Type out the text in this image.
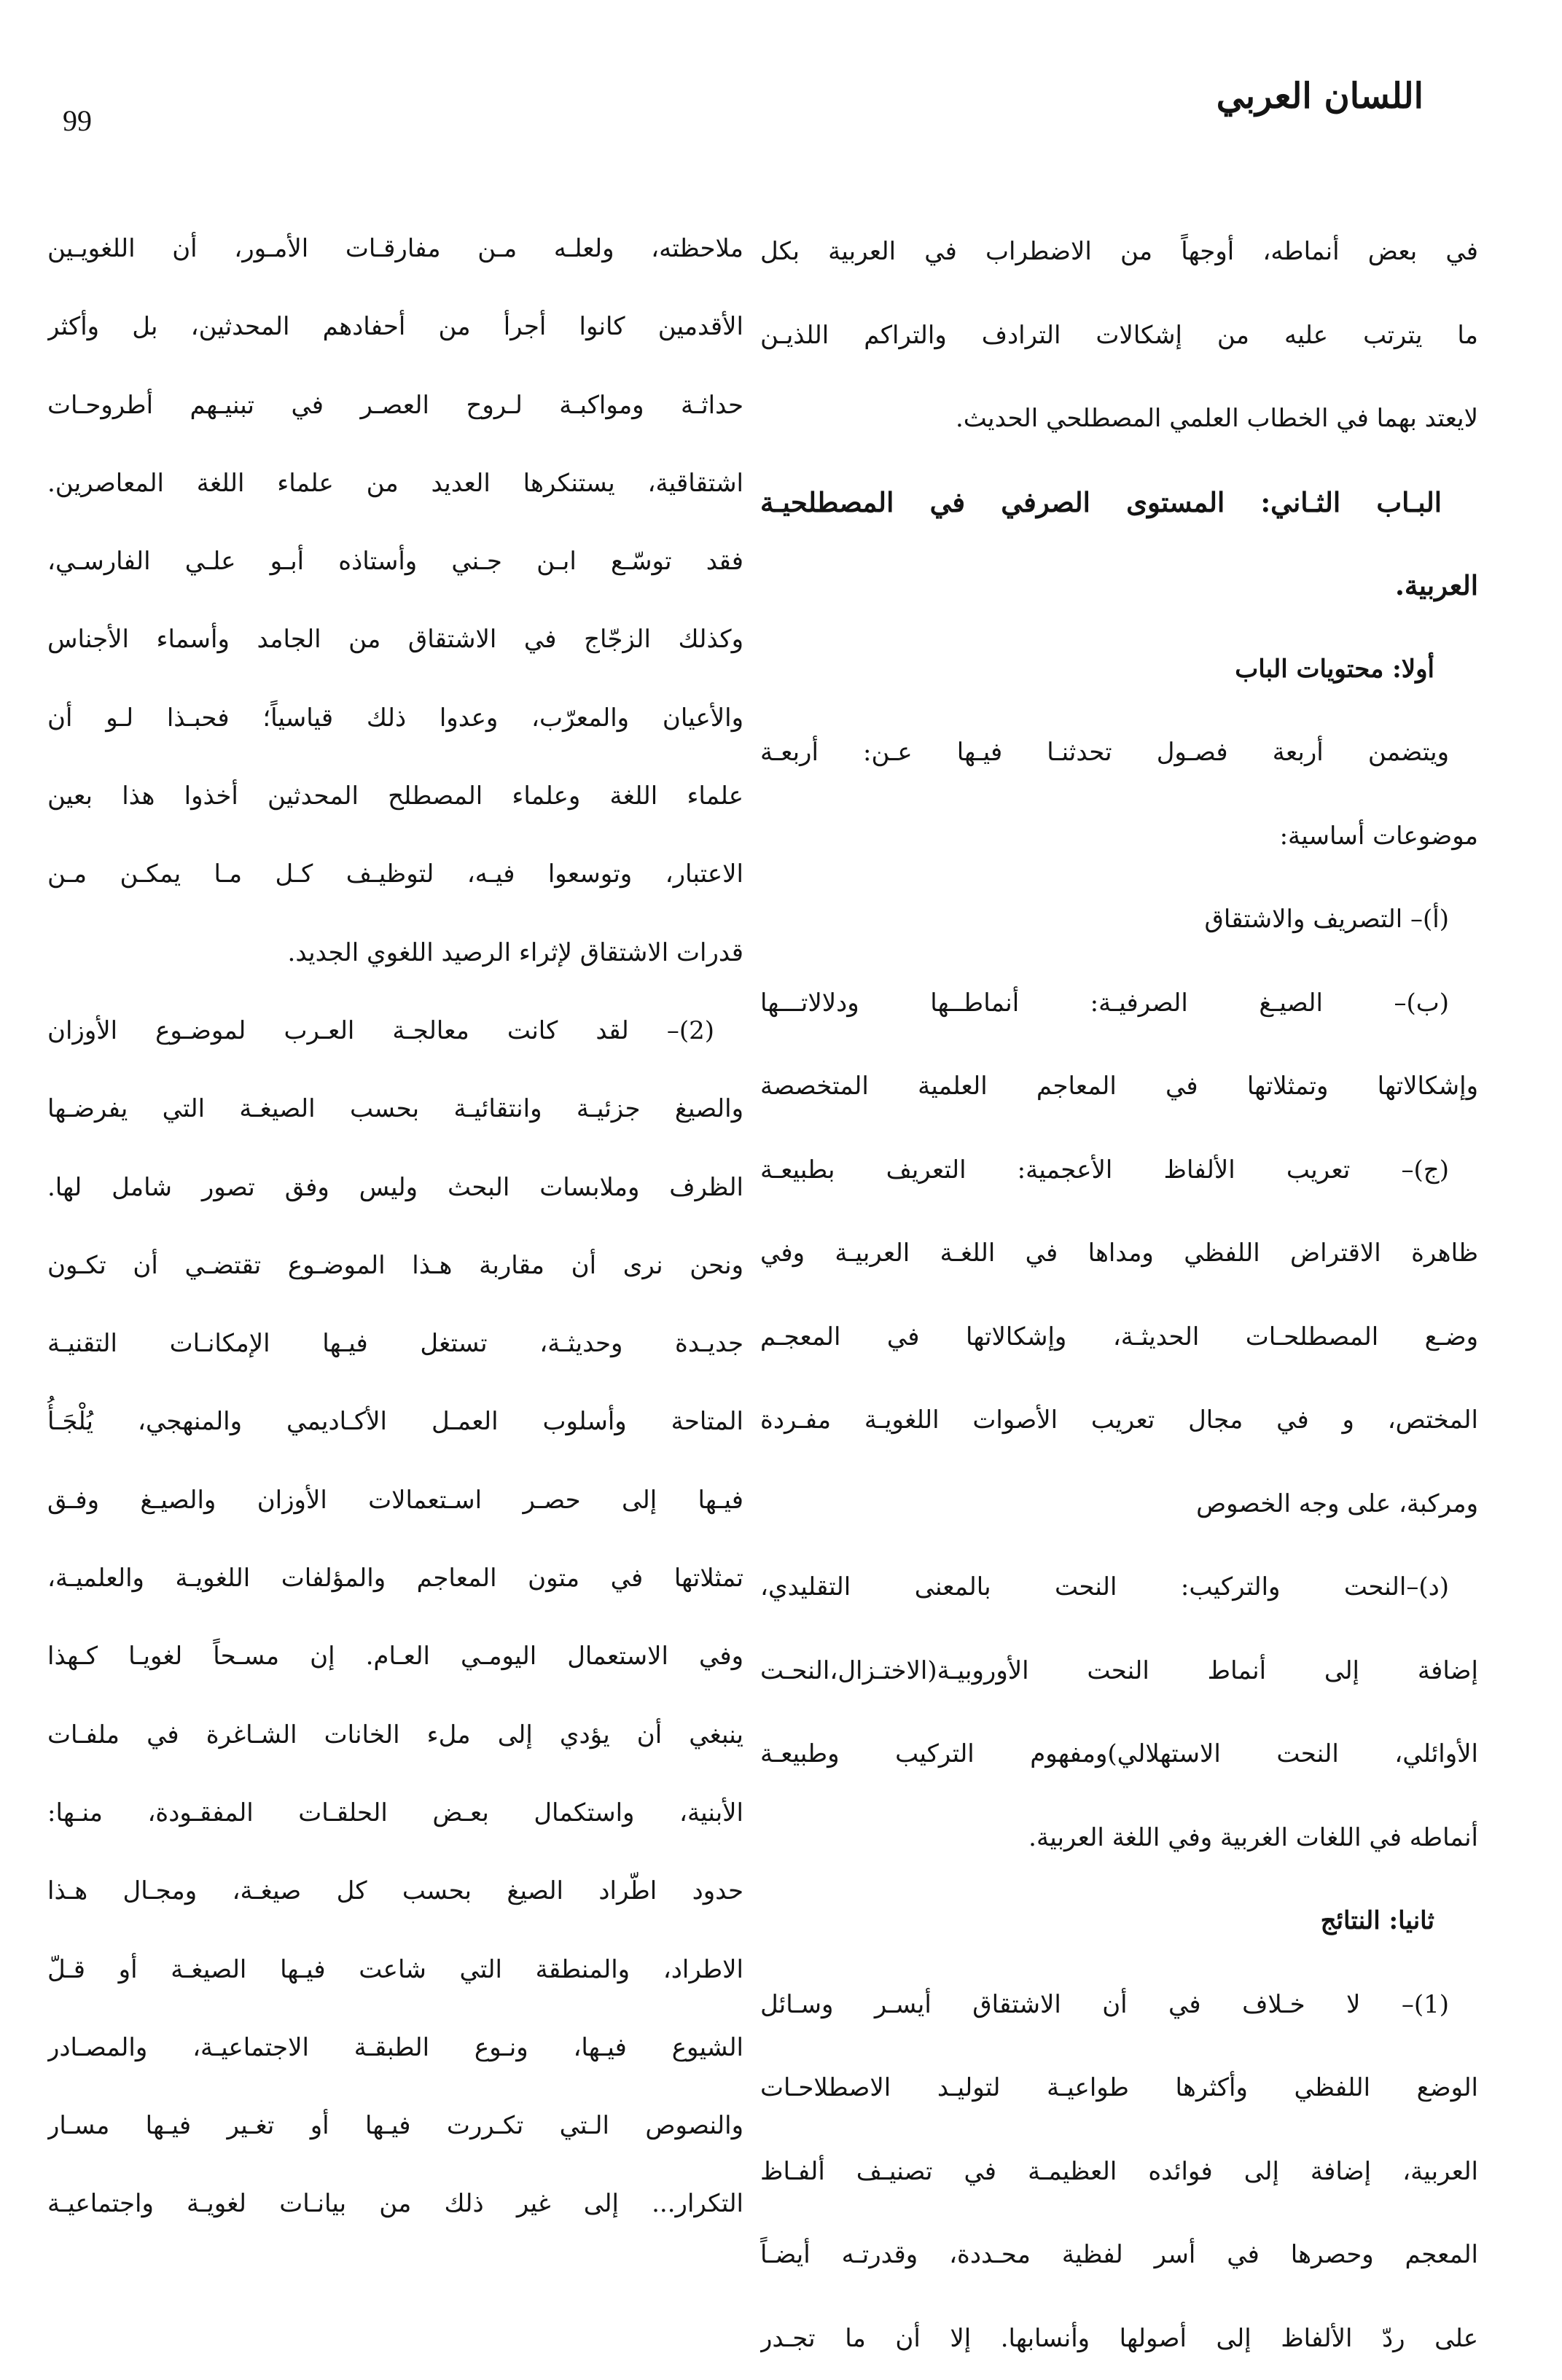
اللسان العربي
99
في بعض أنماطه، أوجهاً من الاضطراب في العربية بكل
ما يترتب عليه من إشكالات الترادف والتراكم اللذيـن
لايعتد بهما في الخطاب العلمي المصطلحي الحديث.
البـاب الثـاني: المستوى الصرفي في المصطلحيـة
العربية.
أولا: محتويات الباب
ويتضمن أربعة فصـول تحدثنـا فيـها عـن: أربعـة
موضوعات أساسية:
(أ)– التصريف والاشتقاق
(ب)– الصيـغ الصرفيـة: أنماطــها ودلالاتـــها
وإشكالاتها وتمثلاتها في المعاجم العلمية المتخصصة
(ج)– تعريب الألفاظ الأعجمية: التعريف بطبيعـة
ظاهرة الاقتراض اللفظي ومداها في اللغـة العربيـة وفي
وضـع المصطلحـات الحديثـة، وإشكالاتها في المعجـم
المختص، و في مجال تعريب الأصوات اللغويـة مفـردة
ومركبة، على وجه الخصوص
(د)–النحت والتركيب: النحت بالمعنى التقليدي،
إضافة إلى أنماط النحت الأوروبيـة(الاختـزال،النحـت
الأوائلي، النحت الاستهلالي)ومفهوم التركيب وطبيعـة
أنماطه في اللغات الغربية وفي اللغة العربية.
ثانيا: النتائج
(1)– لا خـلاف في أن الاشتقاق أيسـر وسـائل
الوضع اللفظي وأكثرها طواعيـة لتوليـد الاصطلاحـات
العربية، إضافة إلى فوائده العظيمـة في تصنيـف ألفـاظ
المعجم وحصرها في أسر لفظية محـددة، وقدرتـه أيضـاً
على ردّ الألفاظ إلى أصولها وأنسابها. إلا أن ما تجـدر
ملاحظته، ولعلـه مـن مفارقـات الأمـور، أن اللغويـين
الأقدمين كانوا أجرأ من أحفادهم المحدثين، بل وأكثر
حداثـة ومواكبـة لـروح العصـر في تبنيـهم أطروحـات
اشتقاقية، يستنكرها العديد من علماء اللغة المعاصرين.
فقد توسّـع ابـن جـني وأستاذه أبـو علـي الفارسـي،
وكذلك الزجّاج في الاشتقاق من الجامد وأسماء الأجناس
والأعيان والمعرّب، وعدوا ذلك قياسياً؛ فحبـذا لـو أن
علماء اللغة وعلماء المصطلح المحدثين أخذوا هذا بعين
الاعتبار، وتوسعوا فيـه، لتوظيـف كـل مـا يمكـن مـن
قدرات الاشتقاق لإثراء الرصيد اللغوي الجديد.
(2)– لقد كانت معالجـة العـرب لموضـوع الأوزان
والصيغ جزئيـة وانتقائيـة بحسب الصيغـة التي يفرضـها
الظرف وملابسات البحث وليس وفق تصور شامل لها.
ونحن نرى أن مقاربة هـذا الموضـوع تقتضـي أن تكـون
جديـدة وحديثـة، تستغل فيـها الإمكانـات التقنيـة
المتاحة وأسلوب العمـل الأكـاديمي والمنهجي، يُلْجَـأُ
فيـها إلى حصـر اسـتعمالات الأوزان والصيـغ وفـق
تمثلاتها في متون المعاجم والمؤلفات اللغويـة والعلميـة،
وفي الاستعمال اليومـي العـام. إن مسـحاً لغويـا كـهذا
ينبغي أن يؤدي إلى ملء الخانات الشـاغرة في ملفـات
الأبنية، واستكمال بعـض الحلقـات المفقـودة، منـها:
حدود اطّراد الصيغ بحسب كل صيغـة، ومجـال هـذا
الاطراد، والمنطقة التي شاعت فيـها الصيغـة أو قـلّ
الشيوع فيـها، ونـوع الطبقـة الاجتماعيـة، والمصـادر
والنصوص الـتي تكـررت فيـها أو تغـير فيـها مسـار
التكرار... إلى غير ذلك من بيانـات لغويـة واجتماعيـة
